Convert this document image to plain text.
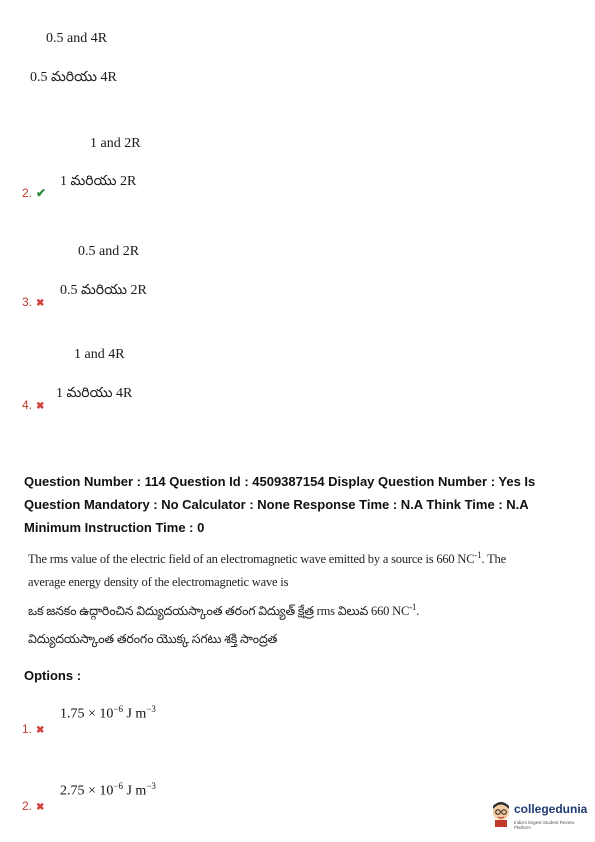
0.5 and 4R
0.5 మరియు 4R
1 and 2R
1 మరియు 2R
2. ✔
0.5 and 2R
0.5 మరియు 2R
3. ✖
1 and 4R
1 మరియు 4R
4. ✖
Question Number : 114 Question Id : 4509387154 Display Question Number : Yes Is Question Mandatory : No Calculator : None Response Time : N.A Think Time : N.A Minimum Instruction Time : 0
The rms value of the electric field of an electromagnetic wave emitted by a source is 660 $NC^{-1}$. The
average energy density of the electromagnetic wave is
ఒక జనకం ఉద్గారించిన విద్యుదయస్కాంత తరంగ విద్యుత్ క్షేత్ర rms విలువ 660 $NC^{-1}$.
విద్యుదయస్కాంత తరంగం యొక్క సగటు శక్తి సాంద్రత
Options :
$1.75 \times 10^{-6}$ J $m^{-3}$
1. ✖
$2.75 \times 10^{-6}$ J $m^{-3}$
2. ✖	collegedunia
India's largest Student Review Platform
